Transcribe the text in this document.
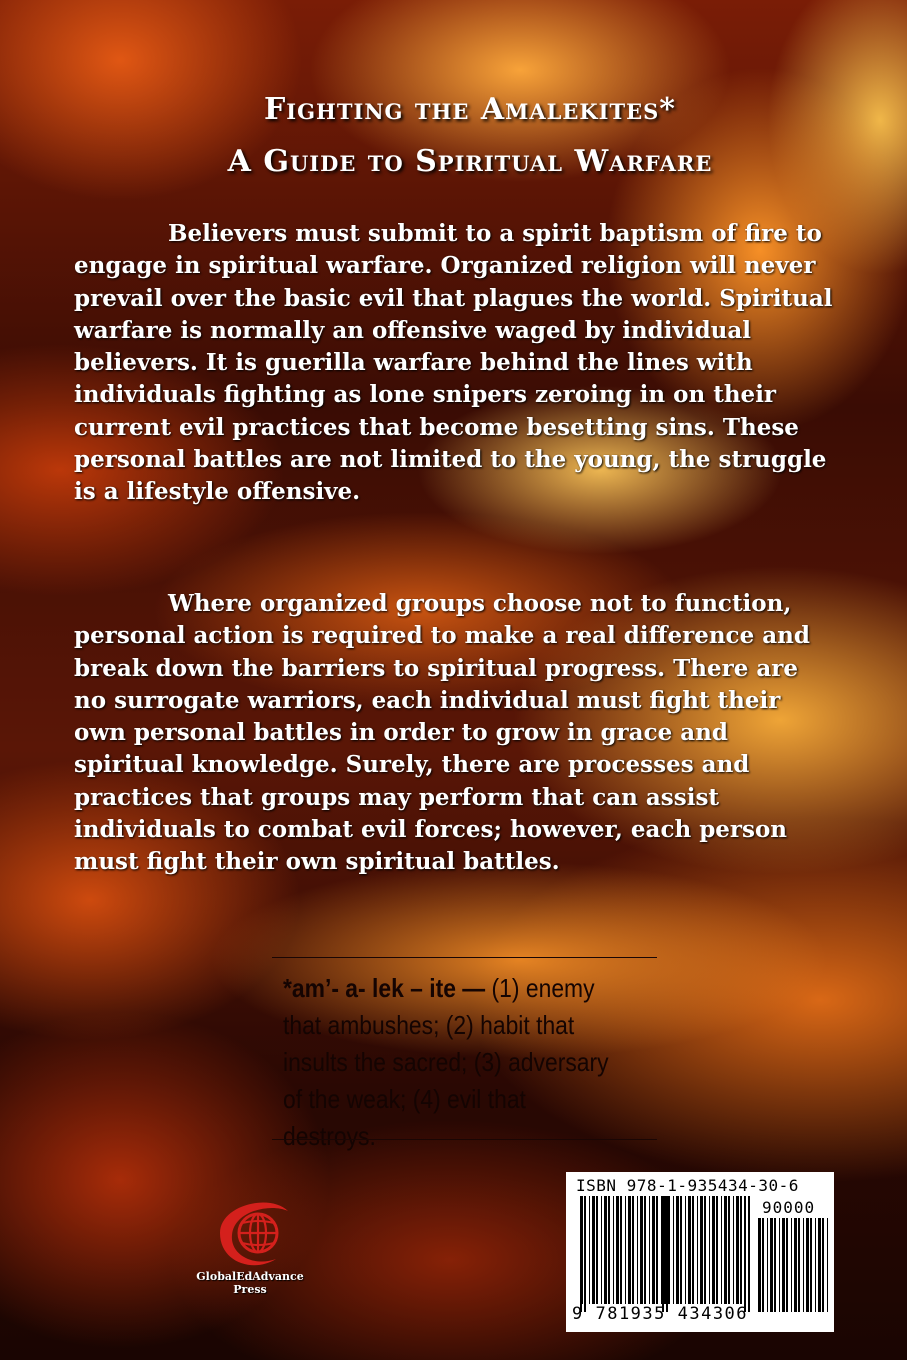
Fighting the Amalekites*
A Guide to Spiritual Warfare

Believers must submit to a spirit baptism of fire to engage in spiritual warfare. Organized religion will never prevail over the basic evil that plagues the world. Spiritual warfare is normally an offensive waged by individual believers. It is guerilla warfare behind the lines with individuals fighting as lone snipers zeroing in on their current evil practices that become besetting sins. These personal battles are not limited to the young, the struggle is a lifestyle offensive.

Where organized groups choose not to function, personal action is required to make a real difference and break down the barriers to spiritual progress. There are no surrogate warriors, each individual must fight their own personal battles in order to grow in grace and spiritual knowledge. Surely, there are processes and practices that groups may perform that can assist individuals to combat evil forces; however, each person must fight their own spiritual battles.

*am’- a- lek – ite — (1) enemy that ambushes; (2) habit that insults the sacred; (3) adversary of the weak; (4) evil that destroys.

GlobalEdAdvance
Press
ISBN 978-1-935434-30-6
90000
9 781935 434306
